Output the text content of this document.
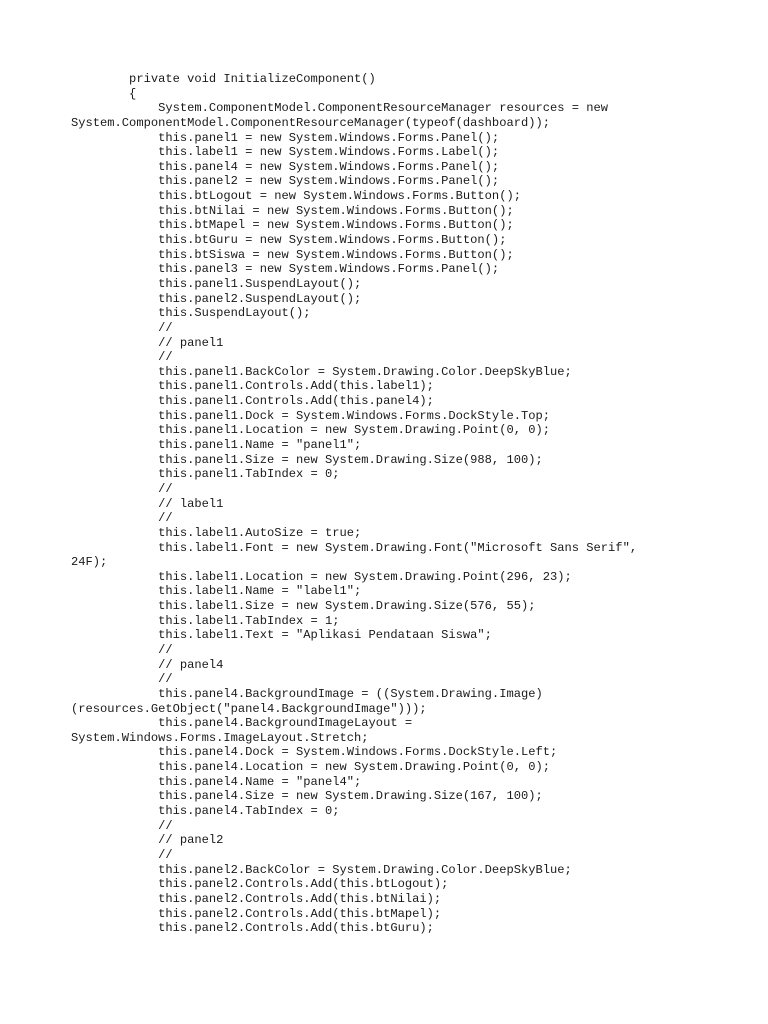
private void InitializeComponent()
{
System.ComponentModel.ComponentResourceManager resources = new
System.ComponentModel.ComponentResourceManager(typeof(dashboard));
this.panel1 = new System.Windows.Forms.Panel();
this.label1 = new System.Windows.Forms.Label();
this.panel4 = new System.Windows.Forms.Panel();
this.panel2 = new System.Windows.Forms.Panel();
this.btLogout = new System.Windows.Forms.Button();
this.btNilai = new System.Windows.Forms.Button();
this.btMapel = new System.Windows.Forms.Button();
this.btGuru = new System.Windows.Forms.Button();
this.btSiswa = new System.Windows.Forms.Button();
this.panel3 = new System.Windows.Forms.Panel();
this.panel1.SuspendLayout();
this.panel2.SuspendLayout();
this.SuspendLayout();
//
// panel1
//
this.panel1.BackColor = System.Drawing.Color.DeepSkyBlue;
this.panel1.Controls.Add(this.label1);
this.panel1.Controls.Add(this.panel4);
this.panel1.Dock = System.Windows.Forms.DockStyle.Top;
this.panel1.Location = new System.Drawing.Point(0, 0);
this.panel1.Name = "panel1";
this.panel1.Size = new System.Drawing.Size(988, 100);
this.panel1.TabIndex = 0;
//
// label1
//
this.label1.AutoSize = true;
this.label1.Font = new System.Drawing.Font("Microsoft Sans Serif",
24F);
this.label1.Location = new System.Drawing.Point(296, 23);
this.label1.Name = "label1";
this.label1.Size = new System.Drawing.Size(576, 55);
this.label1.TabIndex = 1;
this.label1.Text = "Aplikasi Pendataan Siswa";
//
// panel4
//
this.panel4.BackgroundImage = ((System.Drawing.Image)
(resources.GetObject("panel4.BackgroundImage")));
this.panel4.BackgroundImageLayout =
System.Windows.Forms.ImageLayout.Stretch;
this.panel4.Dock = System.Windows.Forms.DockStyle.Left;
this.panel4.Location = new System.Drawing.Point(0, 0);
this.panel4.Name = "panel4";
this.panel4.Size = new System.Drawing.Size(167, 100);
this.panel4.TabIndex = 0;
//
// panel2
//
this.panel2.BackColor = System.Drawing.Color.DeepSkyBlue;
this.panel2.Controls.Add(this.btLogout);
this.panel2.Controls.Add(this.btNilai);
this.panel2.Controls.Add(this.btMapel);
this.panel2.Controls.Add(this.btGuru);
